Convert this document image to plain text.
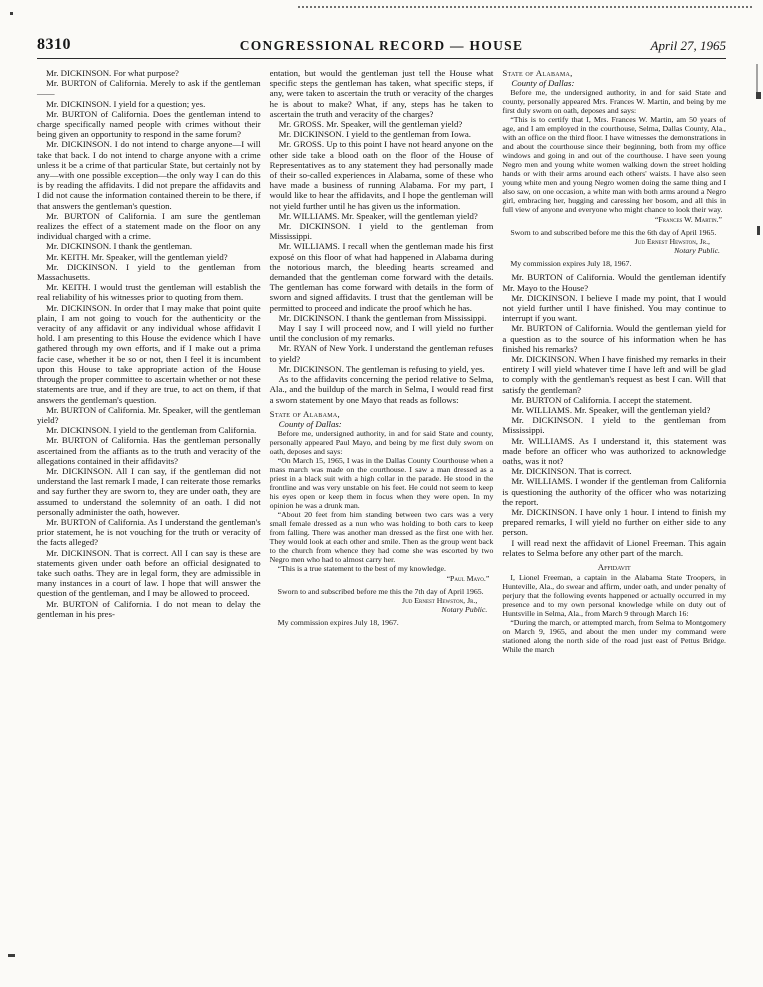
8310	CONGRESSIONAL RECORD — HOUSE	April 27, 1965
Mr. DICKINSON. For what purpose?
Mr. BURTON of California. Merely to ask if the gentleman——
Mr. DICKINSON. I yield for a question; yes.
Mr. BURTON of California. Does the gentleman intend to charge specifically named people with crimes without their being given an opportunity to respond in the same forum?
Mr. DICKINSON. I do not intend to charge anyone—I will take that back. I do not intend to charge anyone with a crime unless it be a crime of that particular State, but certainly not by any—with one possible exception—the only way I can do this is by reading the affidavits. I did not prepare the affidavits and I did not cause the information contained therein to be there, if that answers the gentleman's question.
Mr. BURTON of California. I am sure the gentleman realizes the effect of a statement made on the floor on any individual charged with a crime.
Mr. DICKINSON. I thank the gentleman.
Mr. KEITH. Mr. Speaker, will the gentleman yield?
Mr. DICKINSON. I yield to the gentleman from Massachusetts.
Mr. KEITH. I would trust the gentleman will establish the real reliability of his witnesses prior to quoting from them.
Mr. DICKINSON. In order that I may make that point quite plain, I am not going to vouch for the authenticity or the veracity of any affidavit or any individual whose affidavit I hold. I am presenting to this House the evidence which I have gathered through my own efforts, and if I make out a prima facie case, whether it be so or not, then I feel it is incumbent upon this House to take appropriate action of the House through the proper committee to ascertain whether or not these statements are true, and if they are true, to act on them, if that answers the gentleman's question.
Mr. BURTON of California. Mr. Speaker, will the gentleman yield?
Mr. DICKINSON. I yield to the gentleman from California.
Mr. BURTON of California. Has the gentleman personally ascertained from the affiants as to the truth and veracity of the allegations contained in their affidavits?
Mr. DICKINSON. All I can say, if the gentleman did not understand the last remark I made, I can reiterate those remarks and say further they are sworn to, they are under oath, they are assumed to understand the solemnity of an oath. I did not personally administer the oath, however.
Mr. BURTON of California. As I understand the gentleman's prior statement, he is not vouching for the truth or veracity of the facts alleged?
Mr. DICKINSON. That is correct. All I can say is these are statements given under oath before an official designated to take such oaths. They are in legal form, they are admissible in many instances in a court of law. I hope that will answer the question of the gentleman, and I may be allowed to proceed.
Mr. BURTON of California. I do not mean to delay the gentleman in his pres-
entation, but would the gentleman just tell the House what specific steps the gentleman has taken, what specific steps, if any, were taken to ascertain the truth or veracity of the charges he is about to make? What, if any, steps has he taken to ascertain the truth and veracity of the charges?
Mr. GROSS. Mr. Speaker, will the gentleman yield?
Mr. DICKINSON. I yield to the gentleman from Iowa.
Mr. GROSS. Up to this point I have not heard anyone on the other side take a blood oath on the floor of the House of Representatives as to any statement they had personally made of their so-called experiences in Alabama, some of these who have made a business of running Alabama. For my part, I would like to hear the affidavits, and I hope the gentleman will not yield further until he has given us the information.
Mr. WILLIAMS. Mr. Speaker, will the gentleman yield?
Mr. DICKINSON. I yield to the gentleman from Mississippi.
Mr. WILLIAMS. I recall when the gentleman made his first exposé on this floor of what had happened in Alabama during the notorious march, the bleeding hearts screamed and demanded that the gentleman come forward with the details. The gentleman has come forward with details in the form of sworn and signed affidavits. I trust that the gentleman will be permitted to proceed and indicate the proof which he has.
Mr. DICKINSON. I thank the gentleman from Mississippi.
May I say I will proceed now, and I will yield no further until the conclusion of my remarks.
Mr. RYAN of New York. I understand the gentleman refuses to yield?
Mr. DICKINSON. The gentleman is refusing to yield, yes.
As to the affidavits concerning the period relative to Selma, Ala., and the buildup of the march in Selma, I would read first a sworn statement by one Mayo that reads as follows:
State of Alabama,
County of Dallas:
Before me, undersigned authority, in and for said State and county, personally appeared Paul Mayo, and being by me first duly sworn on oath, deposes and says:
“On March 15, 1965, I was in the Dallas County Courthouse when a mass march was made on the courthouse. I saw a man dressed as a priest in a black suit with a high collar in the parade. He stood in the frontline and was very unstable on his feet. He could not seem to keep his eyes open or keep them in focus when they were open. In my opinion he was a drunk man.
“About 20 feet from him standing between two cars was a very small female dressed as a nun who was holding to both cars to keep from falling. There was another man dressed as the first one with her. They would look at each other and smile. Then as the group went back to the church from whence they had come she was escorted by two Negro men who had to almost carry her.
“This is a true statement to the best of my knowledge.
“Paul Mayo.”
Sworn to and subscribed before me this the 7th day of April 1965.
Jud Ernest Hewston, Jr.,
Notary Public.
My commission expires July 18, 1967.
State of Alabama,
County of Dallas:
Before me, the undersigned authority, in and for said State and county, personally appeared Mrs. Frances W. Martin, and being by me first duly sworn on oath, deposes and says:
“This is to certify that I, Mrs. Frances W. Martin, am 50 years of age, and I am employed in the courthouse, Selma, Dallas County, Ala., with an office on the third floor. I have witnesses the demonstrations in and about the courthouse since their beginning, both from my office windows and going in and out of the courthouse. I have seen young Negro men and young white women walking down the street holding hands or with their arms around each others' waists. I have also seen young white men and young Negro women doing the same thing and I also saw, on one occasion, a white man with both arms around a Negro girl, embracing her, hugging and caressing her bosom, and all this in full view of anyone and everyone who might chance to look their way.
“Frances W. Martin.”
Sworn to and subscribed before me this the 6th day of April 1965.
Jud Ernest Hewston, Jr.,
Notary Public.
My commission expires July 18, 1967.
Mr. BURTON of California. Would the gentleman identify Mr. Mayo to the House?
Mr. DICKINSON. I believe I made my point, that I would not yield further until I have finished. You may continue to interrupt if you want.
Mr. BURTON of California. Would the gentleman yield for a question as to the source of his information when he has finished his remarks?
Mr. DICKINSON. When I have finished my remarks in their entirety I will yield whatever time I have left and will be glad to comply with the gentleman's request as best I can. Will that satisfy the gentleman?
Mr. BURTON of California. I accept the statement.
Mr. WILLIAMS. Mr. Speaker, will the gentleman yield?
Mr. DICKINSON. I yield to the gentleman from Mississippi.
Mr. WILLIAMS. As I understand it, this statement was made before an officer who was authorized to acknowledge oaths, was it not?
Mr. DICKINSON. That is correct.
Mr. WILLIAMS. I wonder if the gentleman from California is questioning the authority of the officer who was notarizing the report.
Mr. DICKINSON. I have only 1 hour. I intend to finish my prepared remarks, I will yield no further on either side to any person.
I will read next the affidavit of Lionel Freeman. This again relates to Selma before any other part of the march.
Affidavit
I, Lionel Freeman, a captain in the Alabama State Troopers, in Hunteville, Ala., do swear and affirm, under oath, and under penalty of perjury that the following events happened or actually occurred in my presence and to my own personal knowledge while on duty out of Huntsville in Selma, Ala., from March 9 through March 16:
“During the march, or attempted march, from Selma to Montgomery on March 9, 1965, and about the men under my command were stationed along the north side of the road just east of Pettus Bridge. While the march
